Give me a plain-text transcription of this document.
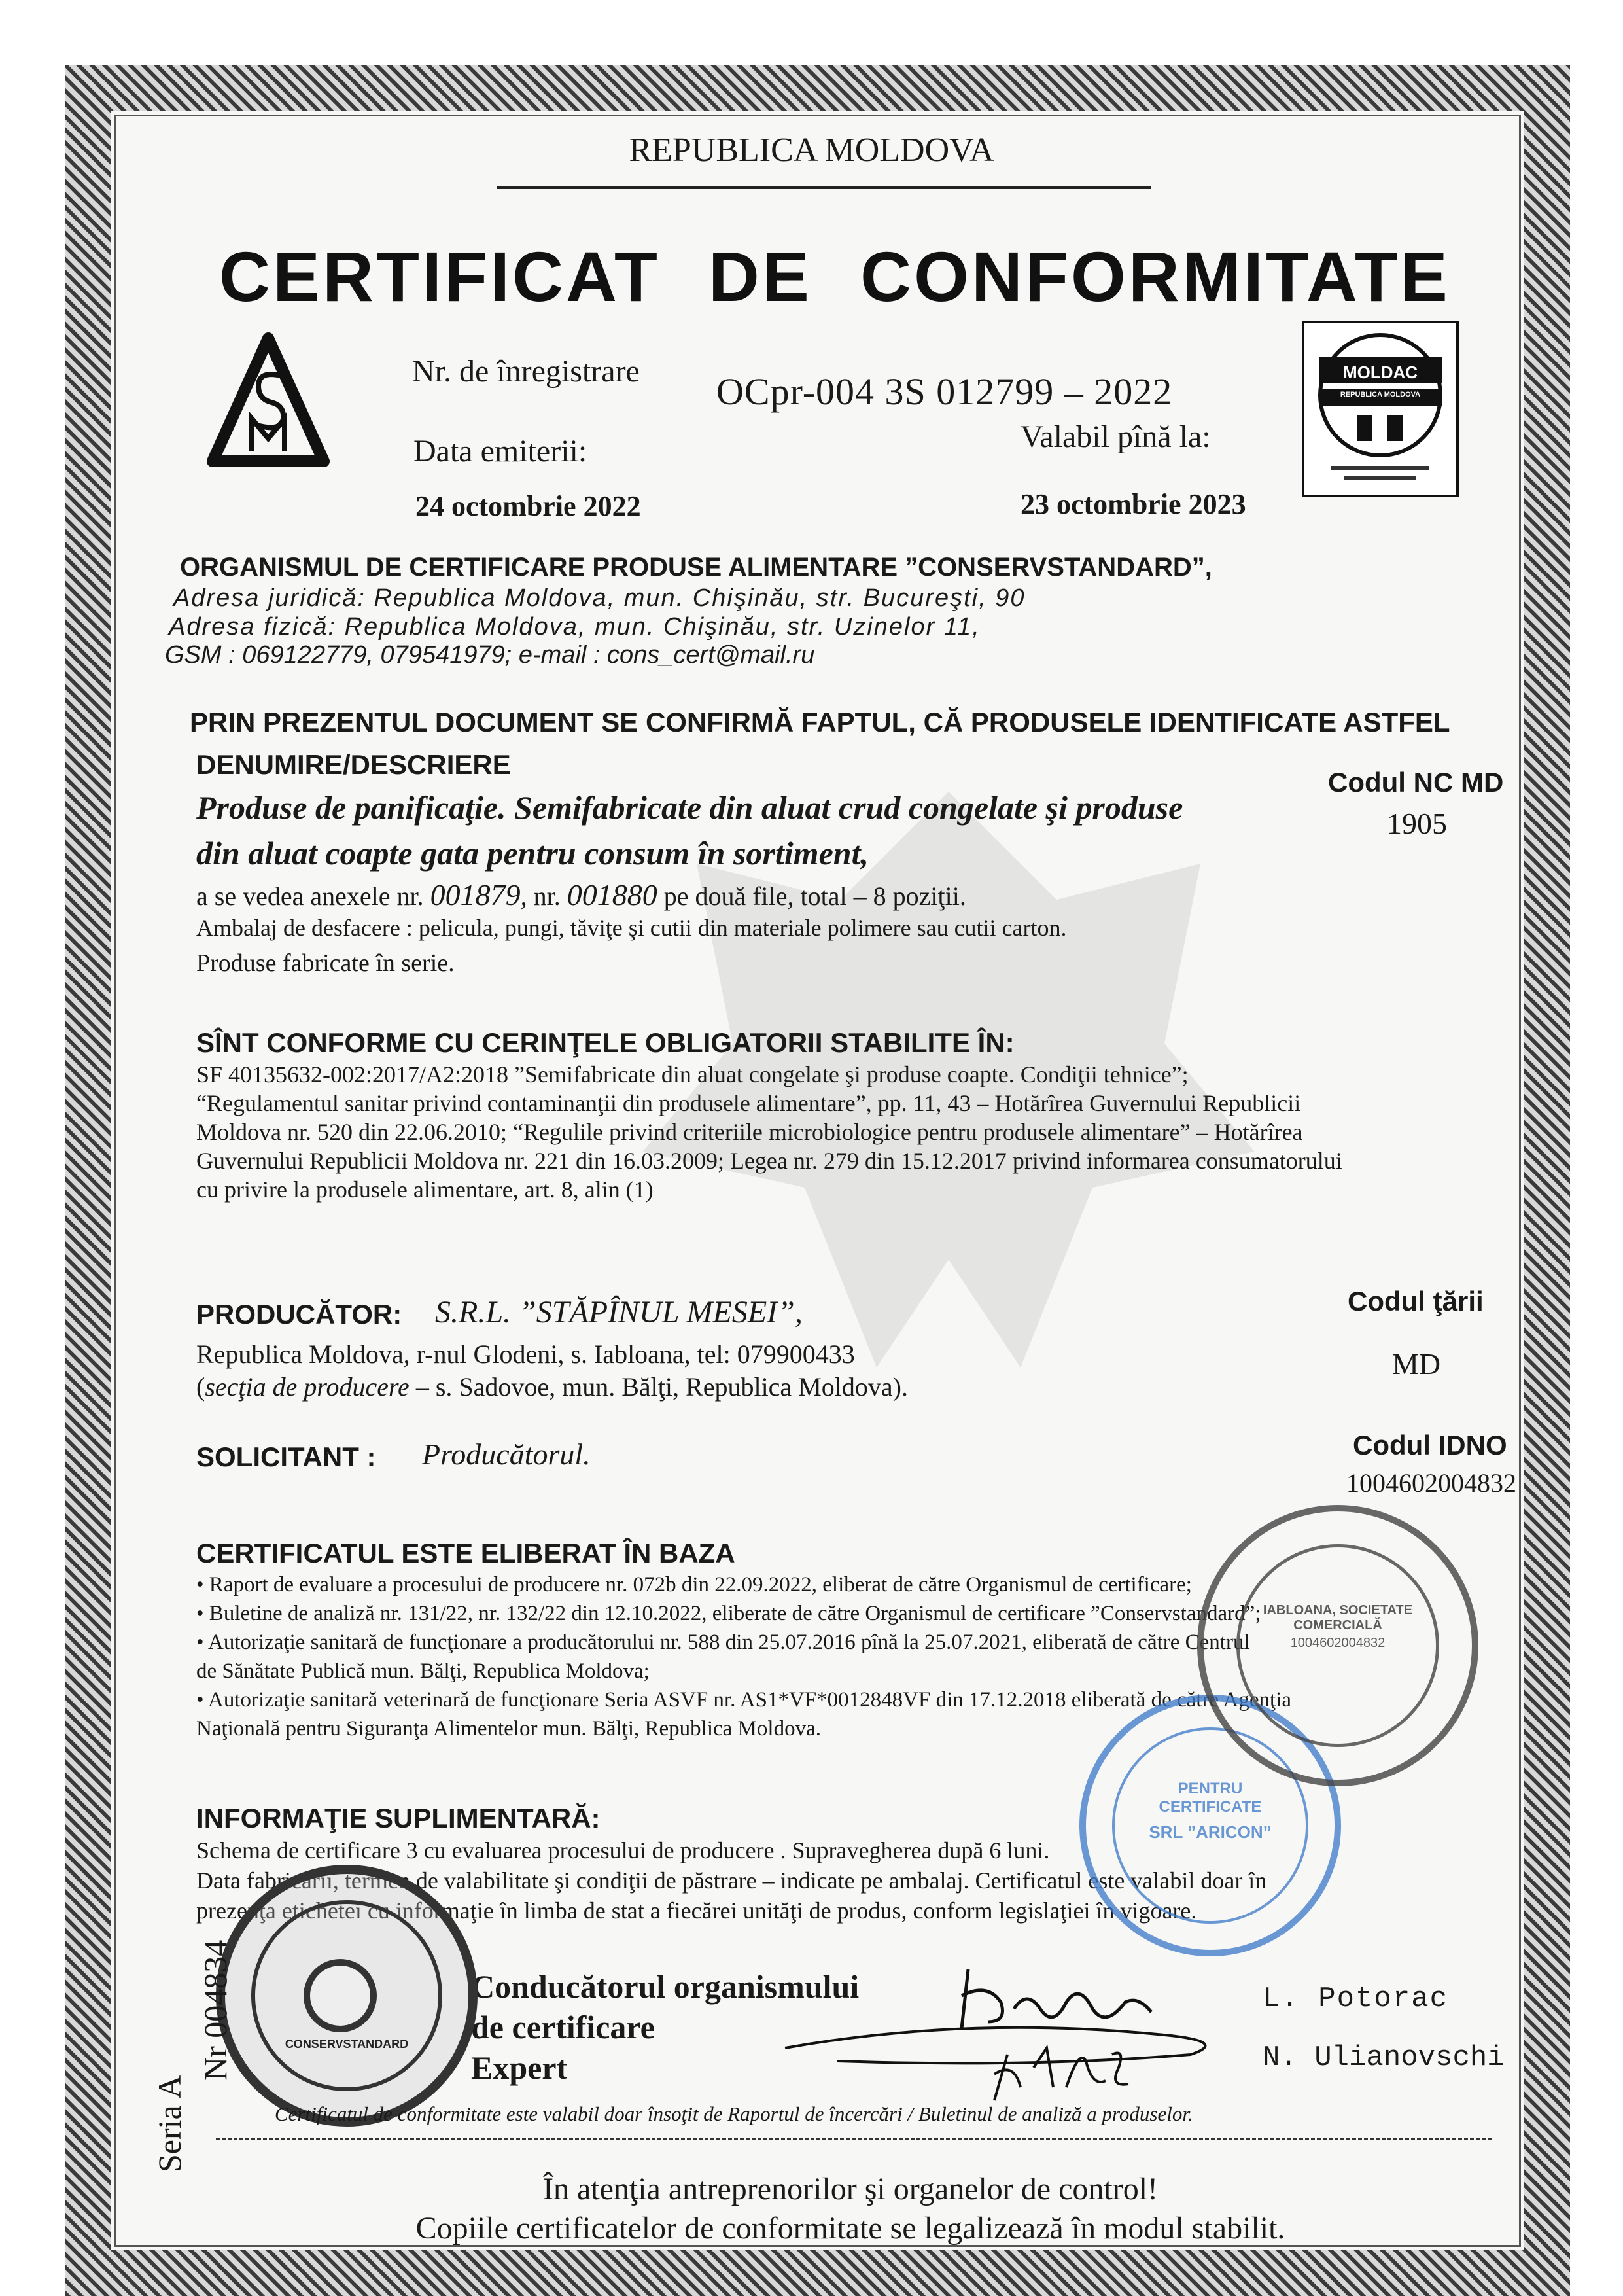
REPUBLICA MOLDOVA
CERTIFICAT DE CONFORMITATE
Nr. de înregistrare OCpr-004 3S 012799 – 2022
Data emiterii:	Valabil pînă la:
24 octombrie 2022	23 octombrie 2023
MOLDAC
REPUBLICA MOLDOVA
ORGANISMUL DE CERTIFICARE PRODUSE ALIMENTARE ”CONSERVSTANDARD”,
Adresa juridică: Republica Moldova, mun. Chişinău, str. Bucureşti, 90
Adresa fizică: Republica Moldova, mun. Chişinău, str. Uzinelor 11,
GSM : 069122779, 079541979; e-mail : cons_cert@mail.ru
PRIN PREZENTUL DOCUMENT SE CONFIRMĂ FAPTUL, CĂ PRODUSELE IDENTIFICATE ASTFEL
DENUMIRE/DESCRIERE
Produse de panificaţie. Semifabricate din aluat crud congelate şi produse
din aluat coapte gata pentru consum în sortiment,
a se vedea anexele nr. 001879, nr. 001880 pe două file, total – 8 poziţii.
Ambalaj de desfacere : pelicula, pungi, tăviţe şi cutii din materiale polimere sau cutii carton.
Produse fabricate în serie.
Codul NC MD
1905
SÎNT CONFORME CU CERINŢELE OBLIGATORII STABILITE ÎN:
SF 40135632-002:2017/A2:2018 ”Semifabricate din aluat congelate şi produse coapte. Condiţii tehnice”;
“Regulamentul sanitar privind contaminanţii din produsele alimentare”, pp. 11, 43 – Hotărîrea Guvernului Republicii
Moldova nr. 520 din 22.06.2010; “Regulile privind criteriile microbiologice pentru produsele alimentare” – Hotărîrea
Guvernului Republicii Moldova nr. 221 din 16.03.2009; Legea nr. 279 din 15.12.2017 privind informarea consumatorului
cu privire la produsele alimentare, art. 8, alin (1)
PRODUCĂTOR: S.R.L. ”STĂPÎNUL MESEI”,
Republica Moldova, r-nul Glodeni, s. Iabloana, tel: 079900433
(secţia de producere – s. Sadovoe, mun. Bălţi, Republica Moldova).
Codul ţării
MD
SOLICITANT : Producătorul.	Codul IDNO
1004602004832
CERTIFICATUL ESTE ELIBERAT ÎN BAZA
• Raport de evaluare a procesului de producere nr. 072b din 22.09.2022, eliberat de către Organismul de certificare;
• Buletine de analiză nr. 131/22, nr. 132/22 din 12.10.2022, eliberate de către Organismul de certificare ”Conservstandard”;
• Autorizaţie sanitară de funcţionare a producătorului nr. 588 din 25.07.2016 pînă la 25.07.2021, eliberată de către Centrul
de Sănătate Publică mun. Bălţi, Republica Moldova;
• Autorizaţie sanitară veterinară de funcţionare Seria ASVF nr. AS1*VF*0012848VF din 17.12.2018 eliberată de către Agenţia
Naţională pentru Siguranţa Alimentelor mun. Bălţi, Republica Moldova.
INFORMAŢIE SUPLIMENTARĂ:
Schema de certificare 3 cu evaluarea procesului de producere . Supravegherea după 6 luni.
Data fabricării, termen de valabilitate şi condiţii de păstrare – indicate pe ambalaj. Certificatul este valabil doar în
prezenţa etichetei cu informaţie în limba de stat a fiecărei unităţi de produs, conform legislaţiei în vigoare.
Conducătorul organismului
de certificare
Expert
L. Potorac
N. Ulianovschi
CONSERVSTANDARD
PENTRU CERTIFICATE
SRL ”ARICON”
IABLOANA, SOCIETATE COMERCIALĂ
1004602004832
Seria A
Nr 004834
Certificatul de conformitate este valabil doar însoţit de Raportul de încercări / Buletinul de analiză a produselor.
În atenţia antreprenorilor şi organelor de control!
Copiile certificatelor de conformitate se legalizează în modul stabilit.
